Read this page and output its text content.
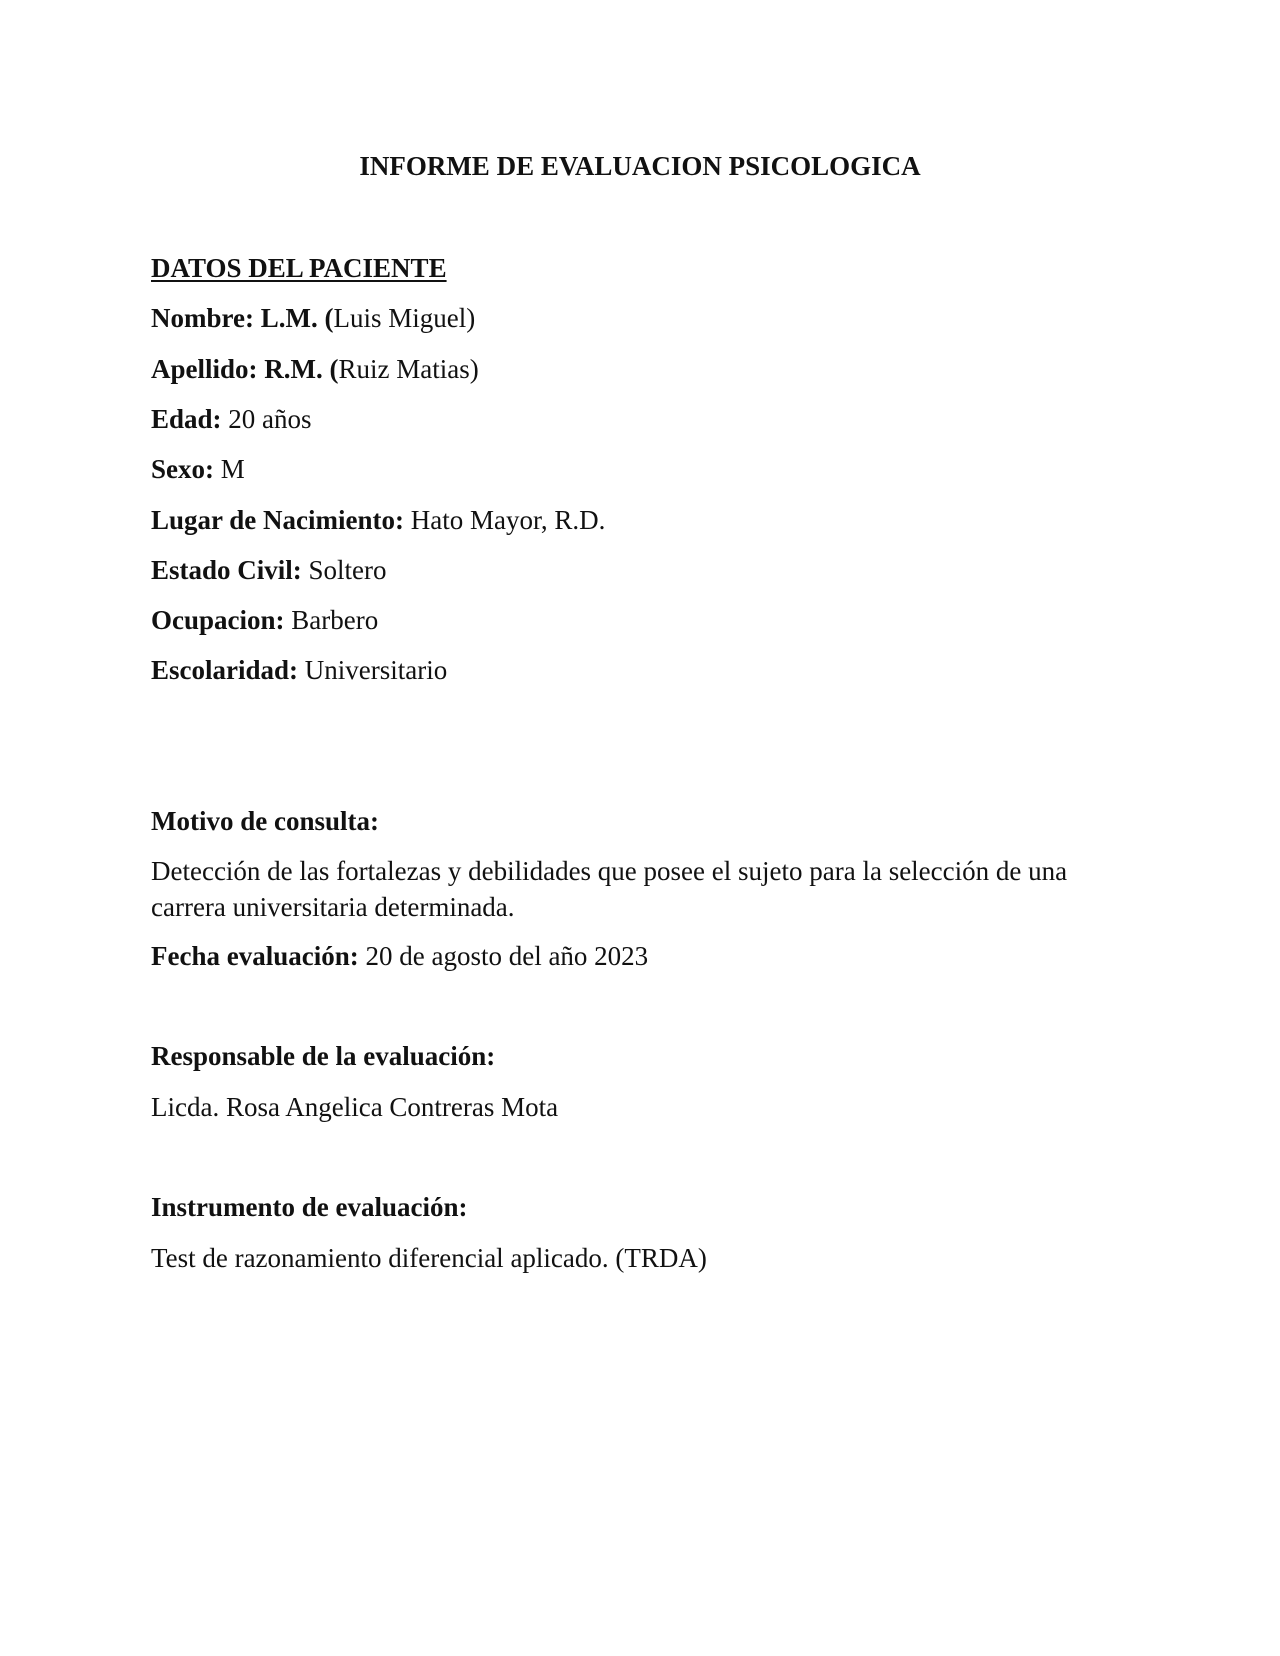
INFORME DE EVALUACION PSICOLOGICA

DATOS DEL PACIENTE

Nombre: L.M. (Luis Miguel)

Apellido: R.M. (Ruiz Matias)

Edad: 20 años

Sexo: M

Lugar de Nacimiento: Hato Mayor, R.D.

Estado Civil: Soltero

Ocupacion: Barbero

Escolaridad: Universitario

Motivo de consulta:

Detección de las fortalezas y debilidades que posee el sujeto para la selección de una carrera universitaria determinada.

Fecha evaluación: 20 de agosto del año 2023

Responsable de la evaluación:

Licda. Rosa Angelica Contreras Mota

Instrumento de evaluación:

Test de razonamiento diferencial aplicado. (TRDA)
